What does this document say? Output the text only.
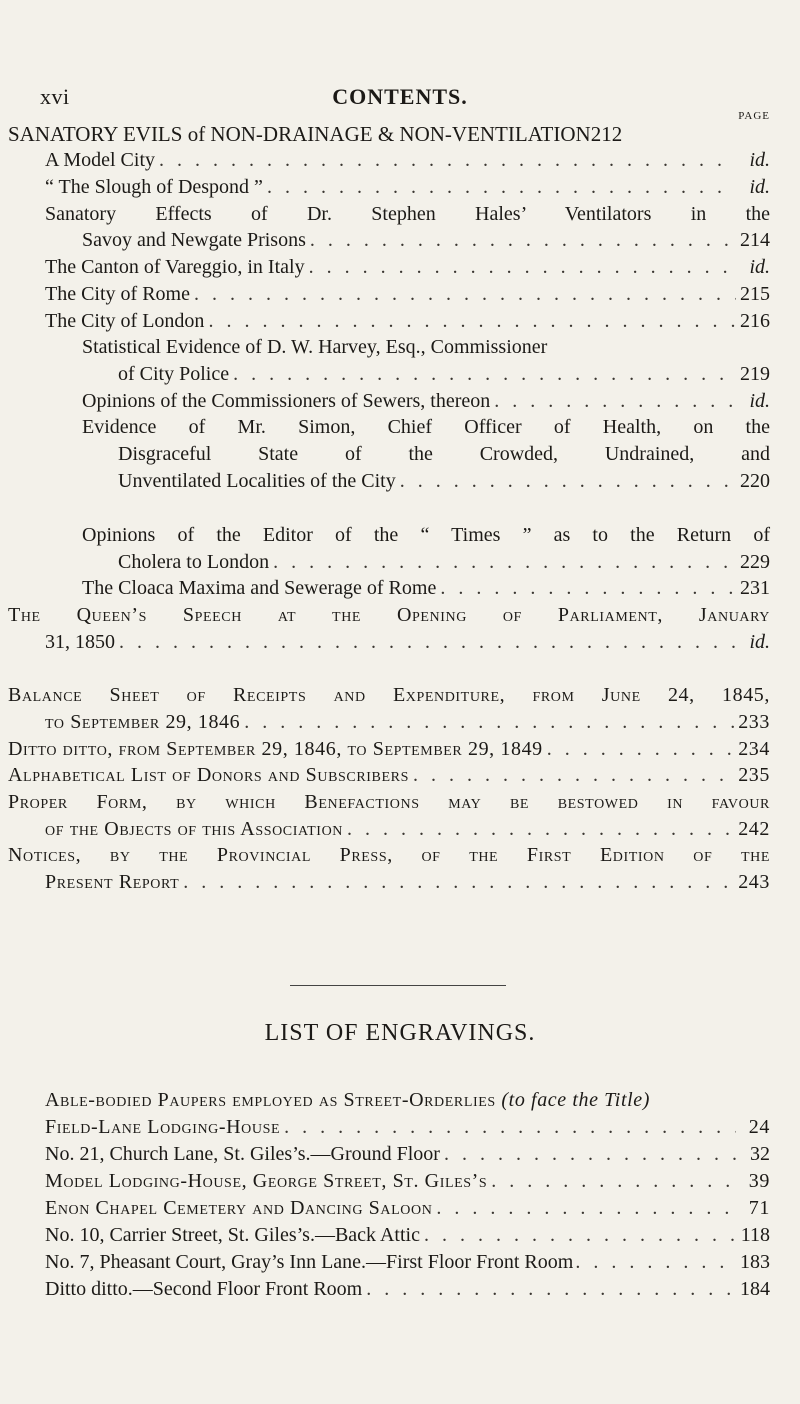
xvi	CONTENTS.
PAGE
SANATORY EVILS of NON-DRAINAGE & NON-VENTILATION 212
A Model City . . .	id.
“ The Slough of Despond ” . . .	id.
Sanatory Effects of Dr. Stephen Hales’ Ventilators in the
Savoy and Newgate Prisons . . .	214
The Canton of Vareggio, in Italy . . .	id.
The City of Rome . . .	215
The City of London . . .	216
Statistical Evidence of D. W. Harvey, Esq., Commissioner
of City Police . . .	219
Opinions of the Commissioners of Sewers, thereon . . .	id.
Evidence of Mr. Simon, Chief Officer of Health, on the
Disgraceful State of the Crowded, Undrained, and
Unventilated Localities of the City . . .	220
Opinions of the Editor of the “ Times ” as to the Return of
Cholera to London . . .	229
The Cloaca Maxima and Sewerage of Rome . . .	231
The Queen’s Speech at the Opening of Parliament, January
31, 1850 . . .	id.
Balance Sheet of Receipts and Expenditure, from June 24, 1845,
to September 29, 1846 . . .	233
Ditto ditto, from September 29, 1846, to September 29, 1849 . . .	234
Alphabetical List of Donors and Subscribers . . .	235
Proper Form, by which Benefactions may be bestowed in favour
of the Objects of this Association . . .	242
Notices, by the Provincial Press, of the First Edition of the
Present Report . . .	243
LIST OF ENGRAVINGS.
Able-bodied Paupers employed as Street-Orderlies (to face the Title)
Field-Lane Lodging-House . . .	24
No. 21, Church Lane, St. Giles’s.—Ground Floor . . .	32
Model Lodging-House, George Street, St. Giles’s . . .	39
Enon Chapel Cemetery and Dancing Saloon . . .	71
No. 10, Carrier Street, St. Giles’s.—Back Attic . . .	118
No. 7, Pheasant Court, Gray’s Inn Lane.—First Floor Front Room . . .	183
Ditto ditto.—Second Floor Front Room . . .	184
